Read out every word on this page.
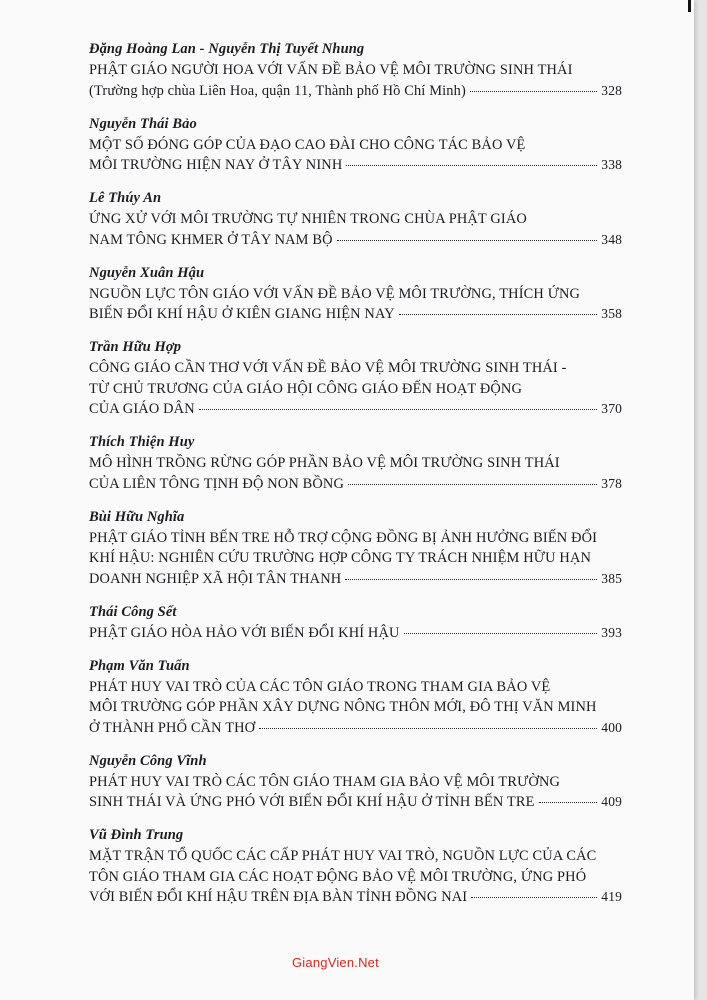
Đặng Hoàng Lan - Nguyễn Thị Tuyết Nhung
PHẬT GIÁO NGƯỜI HOA VỚI VẤN ĐỀ BẢO VỆ MÔI TRƯỜNG SINH THÁI
(Trường hợp chùa Liên Hoa, quận 11, Thành phố Hồ Chí Minh)	328
Nguyễn Thái Bảo
MỘT SỐ ĐÓNG GÓP CỦA ĐẠO CAO ĐÀI CHO CÔNG TÁC BẢO VỆ
MÔI TRƯỜNG HIỆN NAY Ở TÂY NINH	338
Lê Thúy An
ỨNG XỬ VỚI MÔI TRƯỜNG TỰ NHIÊN TRONG CHÙA PHẬT GIÁO
NAM TÔNG KHMER Ở TÂY NAM BỘ	348
Nguyễn Xuân Hậu
NGUỒN LỰC TÔN GIÁO VỚI VẤN ĐỀ BẢO VỆ MÔI TRƯỜNG, THÍCH ỨNG
BIẾN ĐỔI KHÍ HẬU Ở KIÊN GIANG HIỆN NAY	358
Trần Hữu Hợp
CÔNG GIÁO CẦN THƠ VỚI VẤN ĐỀ BẢO VỆ MÔI TRƯỜNG SINH THÁI -
TỪ CHỦ TRƯƠNG CỦA GIÁO HỘI CÔNG GIÁO ĐẾN HOẠT ĐỘNG
CỦA GIÁO DÂN	370
Thích Thiện Huy
MÔ HÌNH TRỒNG RỪNG GÓP PHẦN BẢO VỆ MÔI TRƯỜNG SINH THÁI
CỦA LIÊN TÔNG TỊNH ĐỘ NON BỒNG	378
Bùi Hữu Nghĩa
PHẬT GIÁO TỈNH BẾN TRE HỖ TRỢ CỘNG ĐỒNG BỊ ẢNH HƯỞNG BIẾN ĐỔI
KHÍ HẬU: NGHIÊN CỨU TRƯỜNG HỢP CÔNG TY TRÁCH NHIỆM HỮU HẠN
DOANH NGHIỆP XÃ HỘI TÂN THANH	385
Thái Công Sết
PHẬT GIÁO HÒA HẢO VỚI BIẾN ĐỔI KHÍ HẬU	393
Phạm Văn Tuấn
PHÁT HUY VAI TRÒ CỦA CÁC TÔN GIÁO TRONG THAM GIA BẢO VỆ
MÔI TRƯỜNG GÓP PHẦN XÂY DỰNG NÔNG THÔN MỚI, ĐÔ THỊ VĂN MINH
Ở THÀNH PHỐ CẦN THƠ	400
Nguyễn Công Vĩnh
PHÁT HUY VAI TRÒ CÁC TÔN GIÁO THAM GIA BẢO VỆ MÔI TRƯỜNG
SINH THÁI VÀ ỨNG PHÓ VỚI BIẾN ĐỔI KHÍ HẬU Ở TỈNH BẾN TRE	409
Vũ Đình Trung
MẶT TRẬN TỔ QUỐC CÁC CẤP PHÁT HUY VAI TRÒ, NGUỒN LỰC CỦA CÁC
TÔN GIÁO THAM GIA CÁC HOẠT ĐỘNG BẢO VỆ MÔI TRƯỜNG, ỨNG PHÓ
VỚI BIẾN ĐỔI KHÍ HẬU TRÊN ĐỊA BÀN TỈNH ĐỒNG NAI	419
GiangVien.Net
